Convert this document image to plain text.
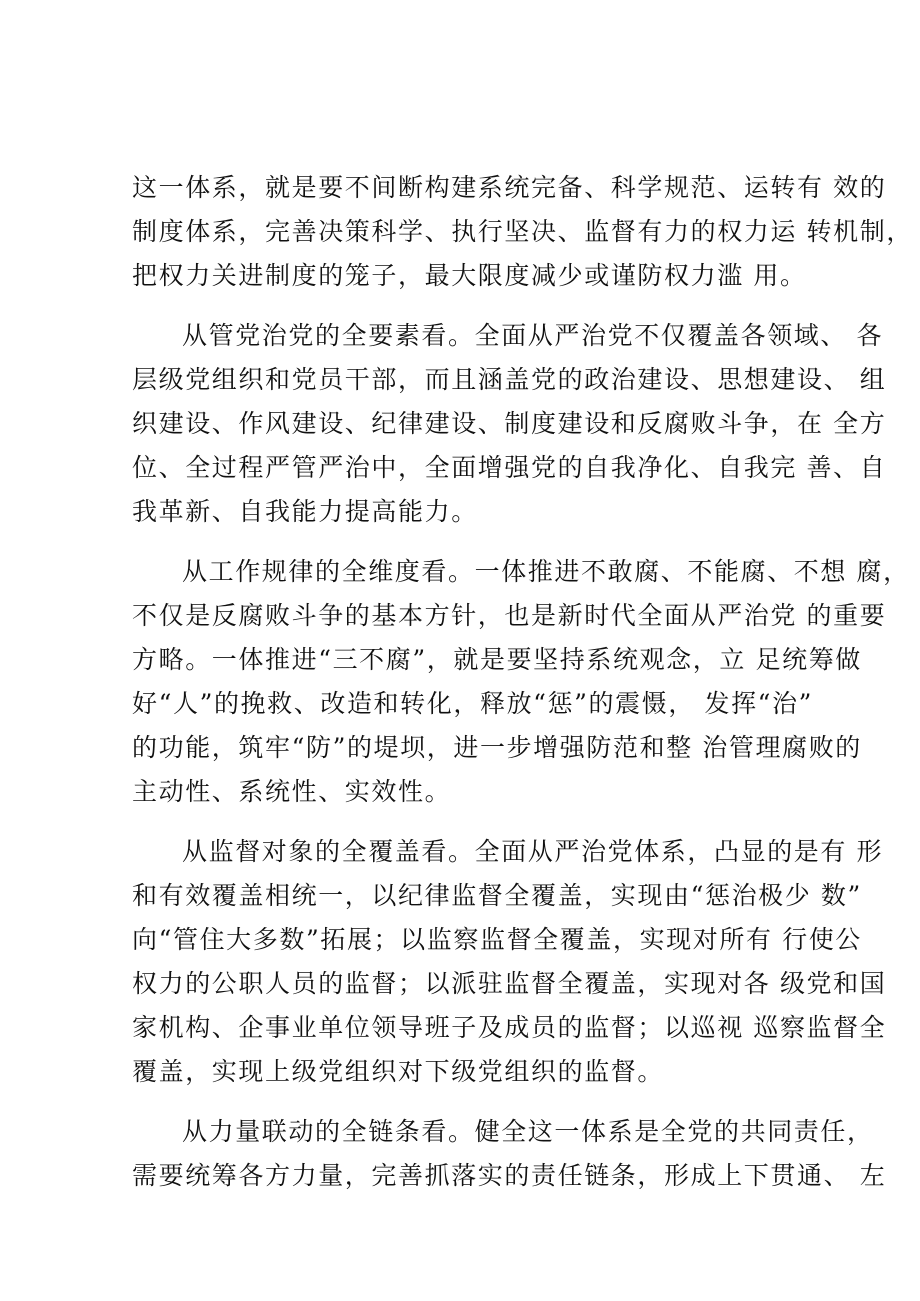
这一体系，就是要不间断构建系统完备、科学规范、运转有 效的
制度体系，完善决策科学、执行坚决、监督有力的权力运 转机制，
把权力关进制度的笼子，最大限度减少或谨防权力滥 用。
从管党治党的全要素看。全面从严治党不仅覆盖各领域、 各
层级党组织和党员干部，而且涵盖党的政治建设、思想建设、 组
织建设、作风建设、纪律建设、制度建设和反腐败斗争，在 全方
位、全过程严管严治中，全面增强党的自我净化、自我完 善、自
我革新、自我能力提高能力。
从工作规律的全维度看。一体推进不敢腐、不能腐、不想 腐，
不仅是反腐败斗争的基本方针，也是新时代全面从严治党 的重要
方略。一体推进“三不腐”，就是要坚持系统观念，立 足统筹做
好“人”的挽救、改造和转化，释放“惩”的震慑， 发挥“治”
的功能，筑牢“防”的堤坝，进一步增强防范和整 治管理腐败的
主动性、系统性、实效性。
从监督对象的全覆盖看。全面从严治党体系，凸显的是有 形
和有效覆盖相统一，以纪律监督全覆盖，实现由“惩治极少 数”
向“管住大多数”拓展；以监察监督全覆盖，实现对所有 行使公
权力的公职人员的监督；以派驻监督全覆盖，实现对各 级党和国
家机构、企事业单位领导班子及成员的监督；以巡视 巡察监督全
覆盖，实现上级党组织对下级党组织的监督。
从力量联动的全链条看。健全这一体系是全党的共同责任，
需要统筹各方力量，完善抓落实的责任链条，形成上下贯通、 左
